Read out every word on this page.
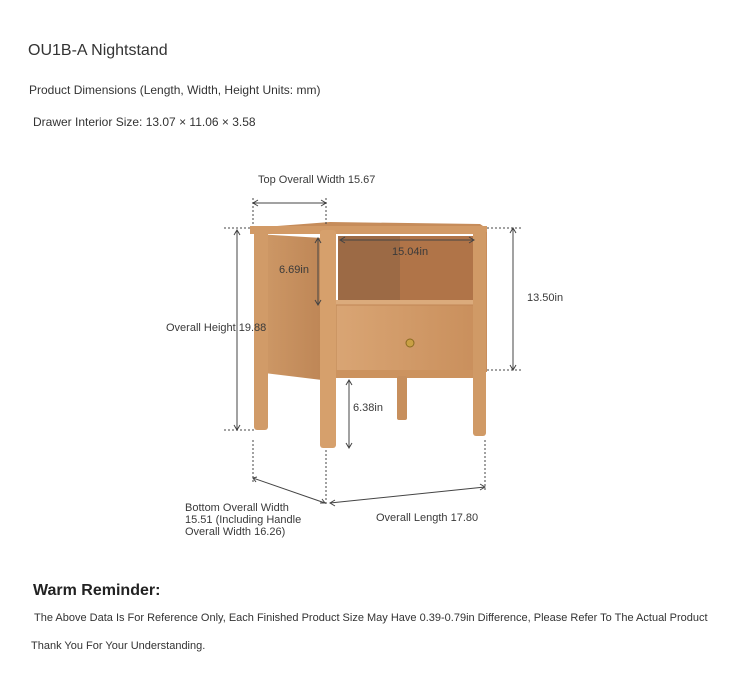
OU1B-A Nightstand
Product Dimensions (Length, Width, Height Units: mm)
Drawer Interior Size: 13.07 × 11.06 × 3.58
Top Overall Width 15.67
15.04in
6.69in
13.50in
Overall Height 19.88
6.38in
Bottom Overall Width
15.51 (Including Handle
Overall Width 16.26)
Overall Length 17.80
Warm Reminder:
The Above Data Is For Reference Only, Each Finished Product Size May Have 0.39-0.79in Difference, Please Refer To The Actual Product
Thank You For Your Understanding.
